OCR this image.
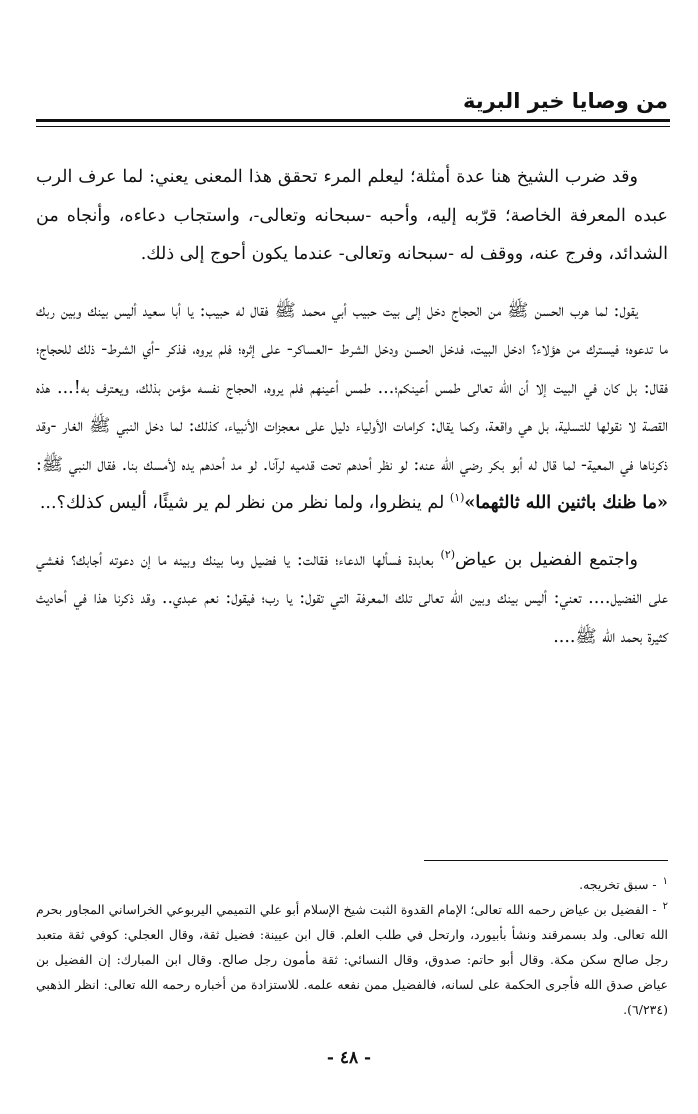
من وصايا خير البرية

وقد ضرب الشيخ هنا عدة أمثلة؛ ليعلم المرء تحقق هذا المعنى يعني: لما عرف الرب عبده المعرفة الخاصة؛ قرّبه إليه، وأحبه -سبحانه وتعالى-، واستجاب دعاءه، وأنجاه من الشدائد، وفرج عنه، ووقف له -سبحانه وتعالى- عندما يكون أحوج إلى ذلك.

يقول: لما هرب الحسن ﷺ من الحجاج دخل إلى بيت حبيب أبي محمد ﷺ فقال له حبيب: يا أبا سعيد أليس بينك وبين ربك ما تدعوه؛ فيسترك من هؤلاء؟ ادخل البيت، فدخل الحسن ودخل الشرط -العساكر- على إثره؛ فلم يروه، فذكر -أي الشرط- ذلك للحجاج؛ فقال: بل كان في البيت إلا أن الله تعالى طمس أعينكم؛... طمس أعينهم فلم يروه، الحجاج نفسه مؤمن بذلك، ويعترف به!... هذه القصة لا نقولها للتسلية، بل هي واقعة، وكما يقال: كرامات الأولياء دليل على معجزات الأنبياء، كذلك: لما دخل النبي ﷺ الغار -وقد ذكرناها في المعية- لما قال له أبو بكر رضي الله عنه: لو نظر أحدهم تحت قدميه لرآنا. لو مد أحدهم يده لأمسك بنا. فقال النبي ﷺ: «ما ظنك باثنين الله ثالثهما»$^{(١)}$ لم ينظروا، ولما نظر من نظر لم ير شيئًا، أليس كذلك؟...

واجتمع الفضيل بن عياض$^{(٢)}$ بعابدة فسألها الدعاء؛ فقالت: يا فضيل وما بينك وبينه ما إن دعوته أجابك؟ فغشي على الفضيل.... تعني: أليس بينك وبين الله تعالى تلك المعرفة التي تقول: يا رب؛ فيقول: نعم عبدي.. وقد ذكرنا هذا في أحاديث كثيرة بحمد الله ﷺ....

$^١$- سبق تخريجه.

$^٢$- الفضيل بن عياض رحمه الله تعالى؛ الإمام القدوة الثبت شيخ الإسلام أبو علي التميمي اليربوعي الخراساني المجاور بحرم الله تعالى. ولد بسمرقند ونشأ بأبيورد، وارتحل في طلب العلم. قال ابن عيينة: فضيل ثقة، وقال العجلي: كوفي ثقة متعبد رجل صالح سكن مكة. وقال أبو حاتم: صدوق، وقال النسائي: ثقة مأمون رجل صالح. وقال ابن المبارك: إن الفضيل بن عياض صدق الله فأجرى الحكمة على لسانه، فالفضيل ممن نفعه علمه. للاستزادة من أخباره رحمه الله تعالى: انظر الذهبي (٦/٢٣٤).

- ٤٨ -
